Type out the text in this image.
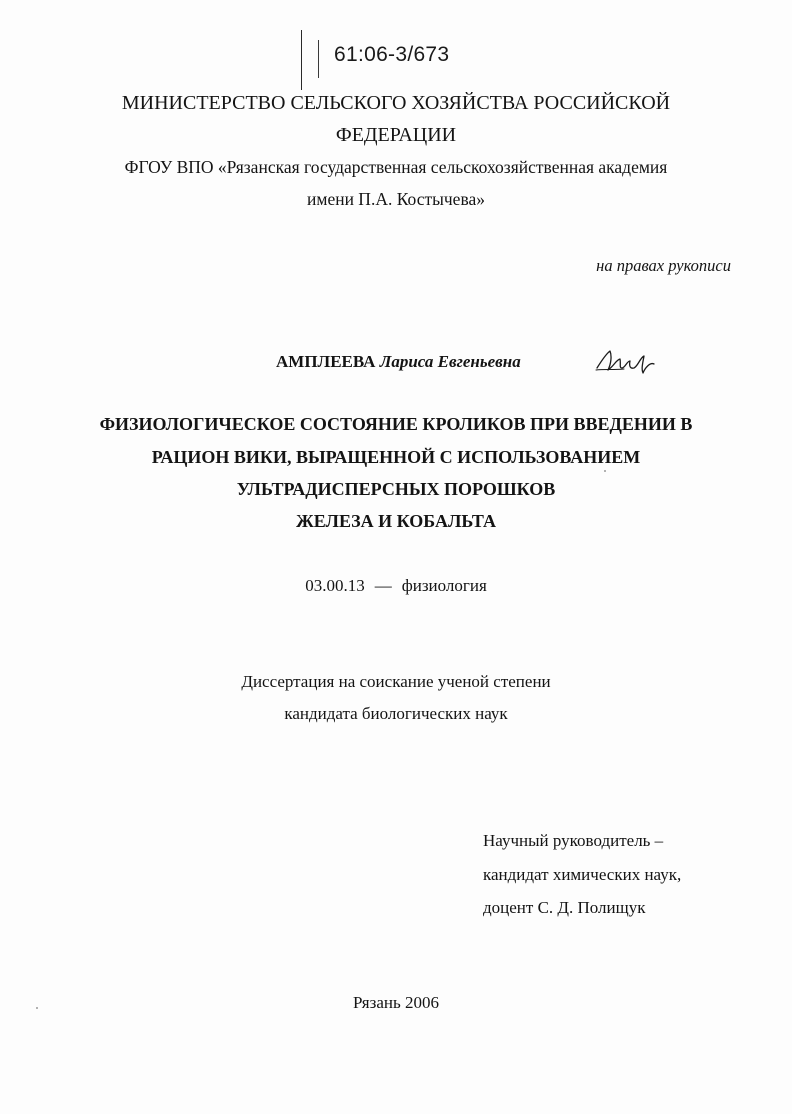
61:06-3/673

МИНИСТЕРСТВО СЕЛЬСКОГО ХОЗЯЙСТВА РОССИЙСКОЙ

ФЕДЕРАЦИИ

ФГОУ ВПО «Рязанская государственная сельскохозяйственная академия

имени П.А. Костычева»

на правах рукописи

АМПЛЕЕВА Лариса Евгеньевна

ФИЗИОЛОГИЧЕСКОЕ СОСТОЯНИЕ КРОЛИКОВ ПРИ ВВЕДЕНИИ В

РАЦИОН ВИКИ, ВЫРАЩЕННОЙ С ИСПОЛЬЗОВАНИЕМ

УЛЬТРАДИСПЕРСНЫХ ПОРОШКОВ

ЖЕЛЕЗА И КОБАЛЬТА

03.00.13 — физиология

Диссертация на соискание ученой степени

кандидата биологических наук

Научный руководитель –

кандидат химических наук,

доцент С. Д. Полищук

Рязань 2006
